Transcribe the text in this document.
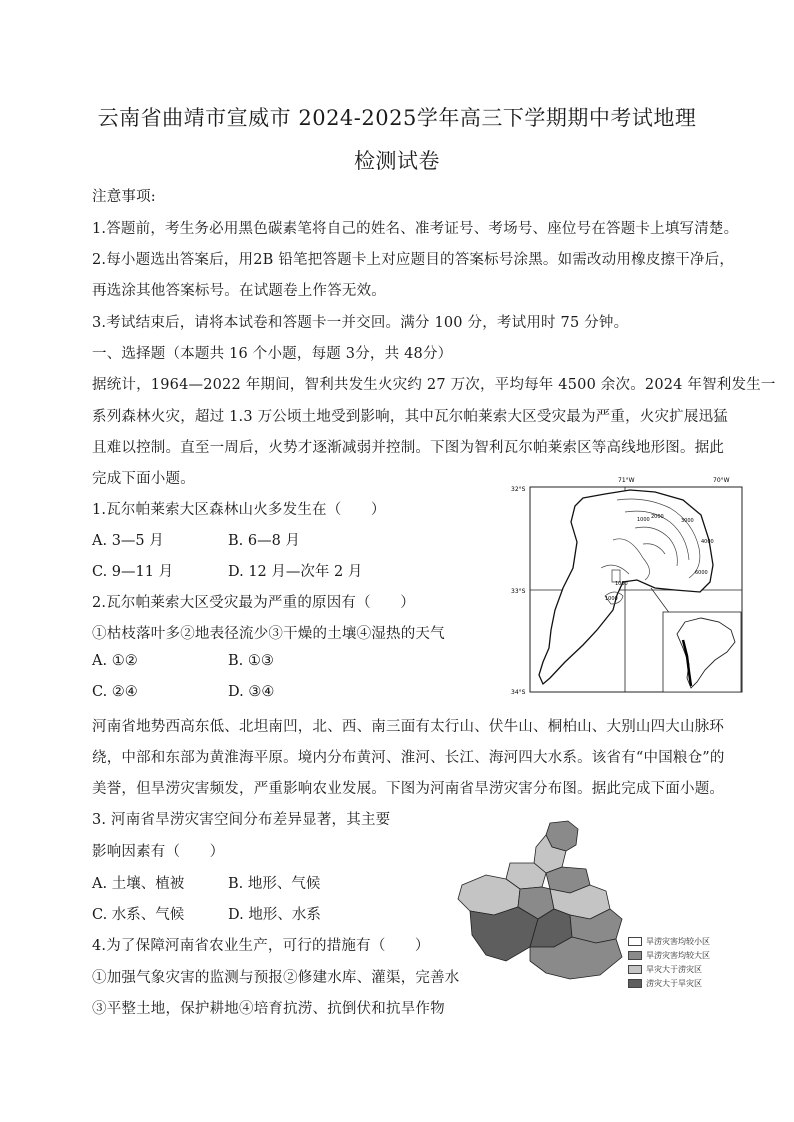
云南省曲靖市宣威市 2024-2025学年高三下学期期中考试地理
检测试卷
注意事项:
1.答题前，考生务必用黑色碳素笔将自己的姓名、准考证号、考场号、座位号在答题卡上填写清楚。
2.每小题选出答案后，用2B 铅笔把答题卡上对应题目的答案标号涂黑。如需改动用橡皮擦干净后，
再选涂其他答案标号。在试题卷上作答无效。
3.考试结束后，请将本试卷和答题卡一并交回。满分 100 分，考试用时 75 分钟。
一、选择题（本题共 16 个小题，每题 3分，共 48分）
据统计，1964—2022 年期间，智利共发生火灾约 27 万次，平均每年 4500 余次。2024 年智利发生一
系列森林火灾，超过 1.3 万公顷土地受到影响，其中瓦尔帕莱索大区受灾最为严重，火灾扩展迅猛
且难以控制。直至一周后，火势才逐渐减弱并控制。下图为智利瓦尔帕莱索区等高线地形图。据此
完成下面小题。
1.瓦尔帕莱索大区森林山火多发生在（　　）
A. 3—5 月	B. 6—8 月
C. 9—11 月	D. 12 月—次年 2 月
2.瓦尔帕莱索大区受灾最为严重的原因有（　　）
①枯枝落叶多②地表径流少③干燥的土壤④湿热的天气
A. ①②	B. ①③
C. ②④	D. ③④
1000 2000
3000
4000
6000
1000
1000
71°W	70°W
32°S
33°S
34°S
河南省地势西高东低、北坦南凹，北、西、南三面有太行山、伏牛山、桐柏山、大别山四大山脉环
绕，中部和东部为黄淮海平原。境内分布黄河、淮河、长江、海河四大水系。该省有“中国粮仓”的
美誉，但旱涝灾害频发，严重影响农业发展。下图为河南省旱涝灾害分布图。据此完成下面小题。
3. 河南省旱涝灾害空间分布差异显著，其主要
影响因素有（　　）
A. 土壤、植被	B. 地形、气候
C. 水系、气候	D. 地形、水系
4.为了保障河南省农业生产，可行的措施有（　　）
①加强气象灾害的监测与预报②修建水库、灌渠，完善水
③平整土地，保护耕地④培育抗涝、抗倒伏和抗旱作物
旱涝灾害均较小区
旱涝灾害均较大区
旱灾大于涝灾区
涝灾大于旱灾区
